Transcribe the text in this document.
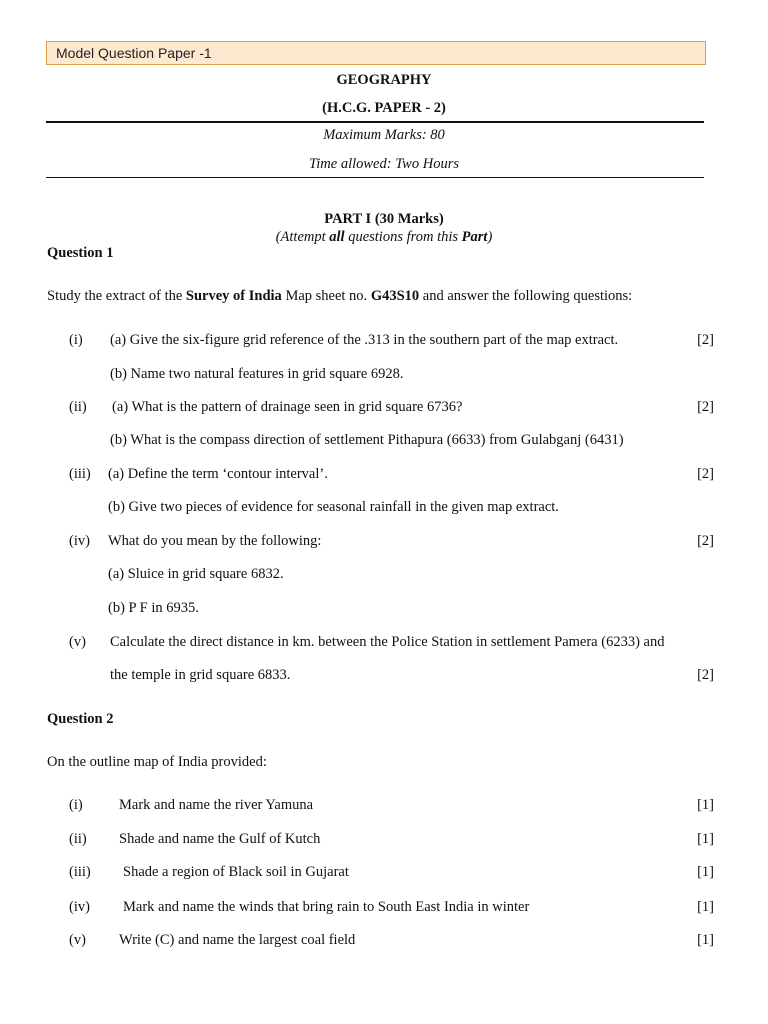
Model Question Paper -1
GEOGRAPHY
(H.C.G. PAPER - 2)
Maximum Marks: 80
Time allowed: Two Hours
PART I (30 Marks)
(Attempt all questions from this Part)
Question 1
Study the extract of the Survey of India Map sheet no. G43S10 and answer the following questions:
(i) (a) Give the six-figure grid reference of the .313 in the southern part of the map extract.	[2]
(b) Name two natural features in grid square 6928.
(ii) (a) What is the pattern of drainage seen in grid square 6736?	[2]
(b) What is the compass direction of settlement Pithapura (6633) from Gulabganj (6431)
(iii) (a) Define the term ‘contour interval’.	[2]
(b) Give two pieces of evidence for seasonal rainfall in the given map extract.
(iv) What do you mean by the following:	[2]
(a) Sluice in grid square 6832.
(b) P F in 6935.
(v) Calculate the direct distance in km. between the Police Station in settlement Pamera (6233) and
the temple in grid square 6833.	[2]
Question 2
On the outline map of India provided:
(i)	Mark and name the river Yamuna	[1]
(ii) Shade and name the Gulf of Kutch	[1]
(iii) Shade a region of Black soil in Gujarat	[1]
(iv) Mark and name the winds that bring rain to South East India in winter	[1]
(v) Write (C) and name the largest coal field	[1]
